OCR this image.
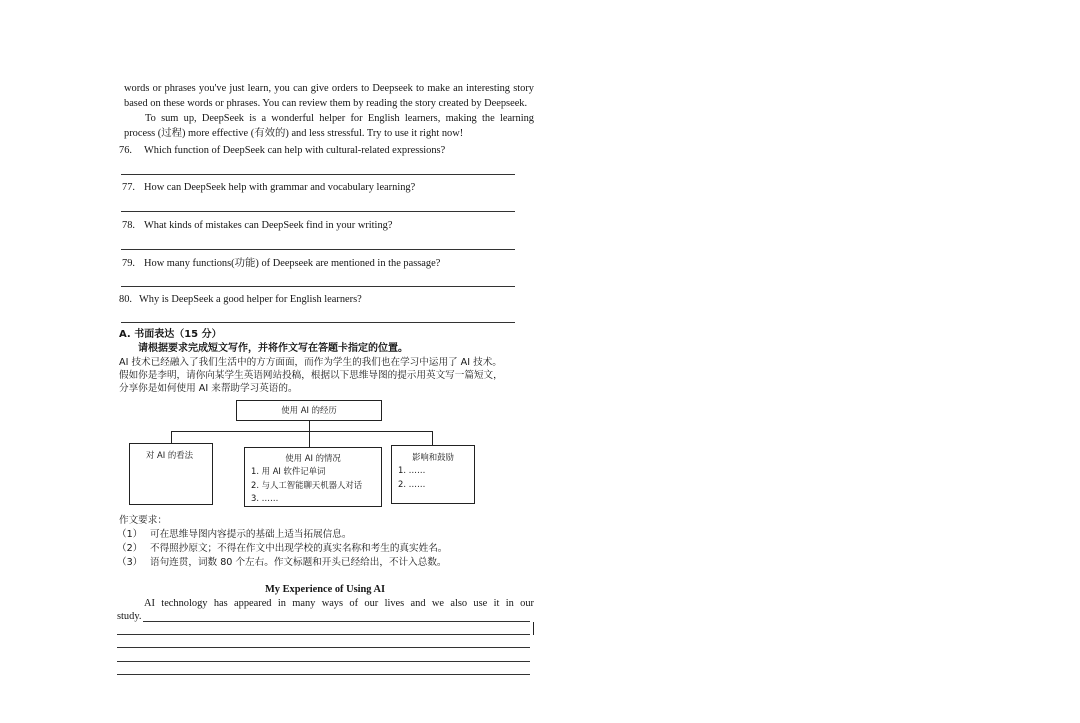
words or phrases you've just learn, you can give orders to Deepseek to make an interesting story
based on these words or phrases. You can review them by reading the story created by Deepseek.
To sum up, DeepSeek is a wonderful helper for English learners, making the learning
process (过程) more effective (有效的) and less stressful. Try to use it right now!
76. Which function of DeepSeek can help with cultural-related expressions?
77. How can DeepSeek help with grammar and vocabulary learning?
78. What kinds of mistakes can DeepSeek find in your writing?
79. How many functions(功能) of Deepseek are mentioned in the passage?
80. Why is DeepSeek a good helper for English learners?
A. 书面表达（15 分）
请根据要求完成短文写作，并将作文写在答题卡指定的位置。
AI 技术已经融入了我们生活中的方方面面，而作为学生的我们也在学习中运用了 AI 技术。
假如你是李明，请你向某学生英语网站投稿，根据以下思维导图的提示用英文写一篇短文，
分享你是如何使用 AI 来帮助学习英语的。
使用 AI 的经历
对 AI 的看法	使用 AI 的情况
1. 用 AI 软件记单词
2. 与人工智能聊天机器人对话
3. ……
影响和鼓励
1. ……
2. ……
作文要求：
（1） 可在思维导图内容提示的基础上适当拓展信息。
（2） 不得照抄原文；不得在作文中出现学校的真实名称和考生的真实姓名。
（3） 语句连贯，词数 80 个左右。作文标题和开头已经给出，不计入总数。
My Experience of Using AI
AI technology has appeared in many ways of our lives and we also use it in our
study.
